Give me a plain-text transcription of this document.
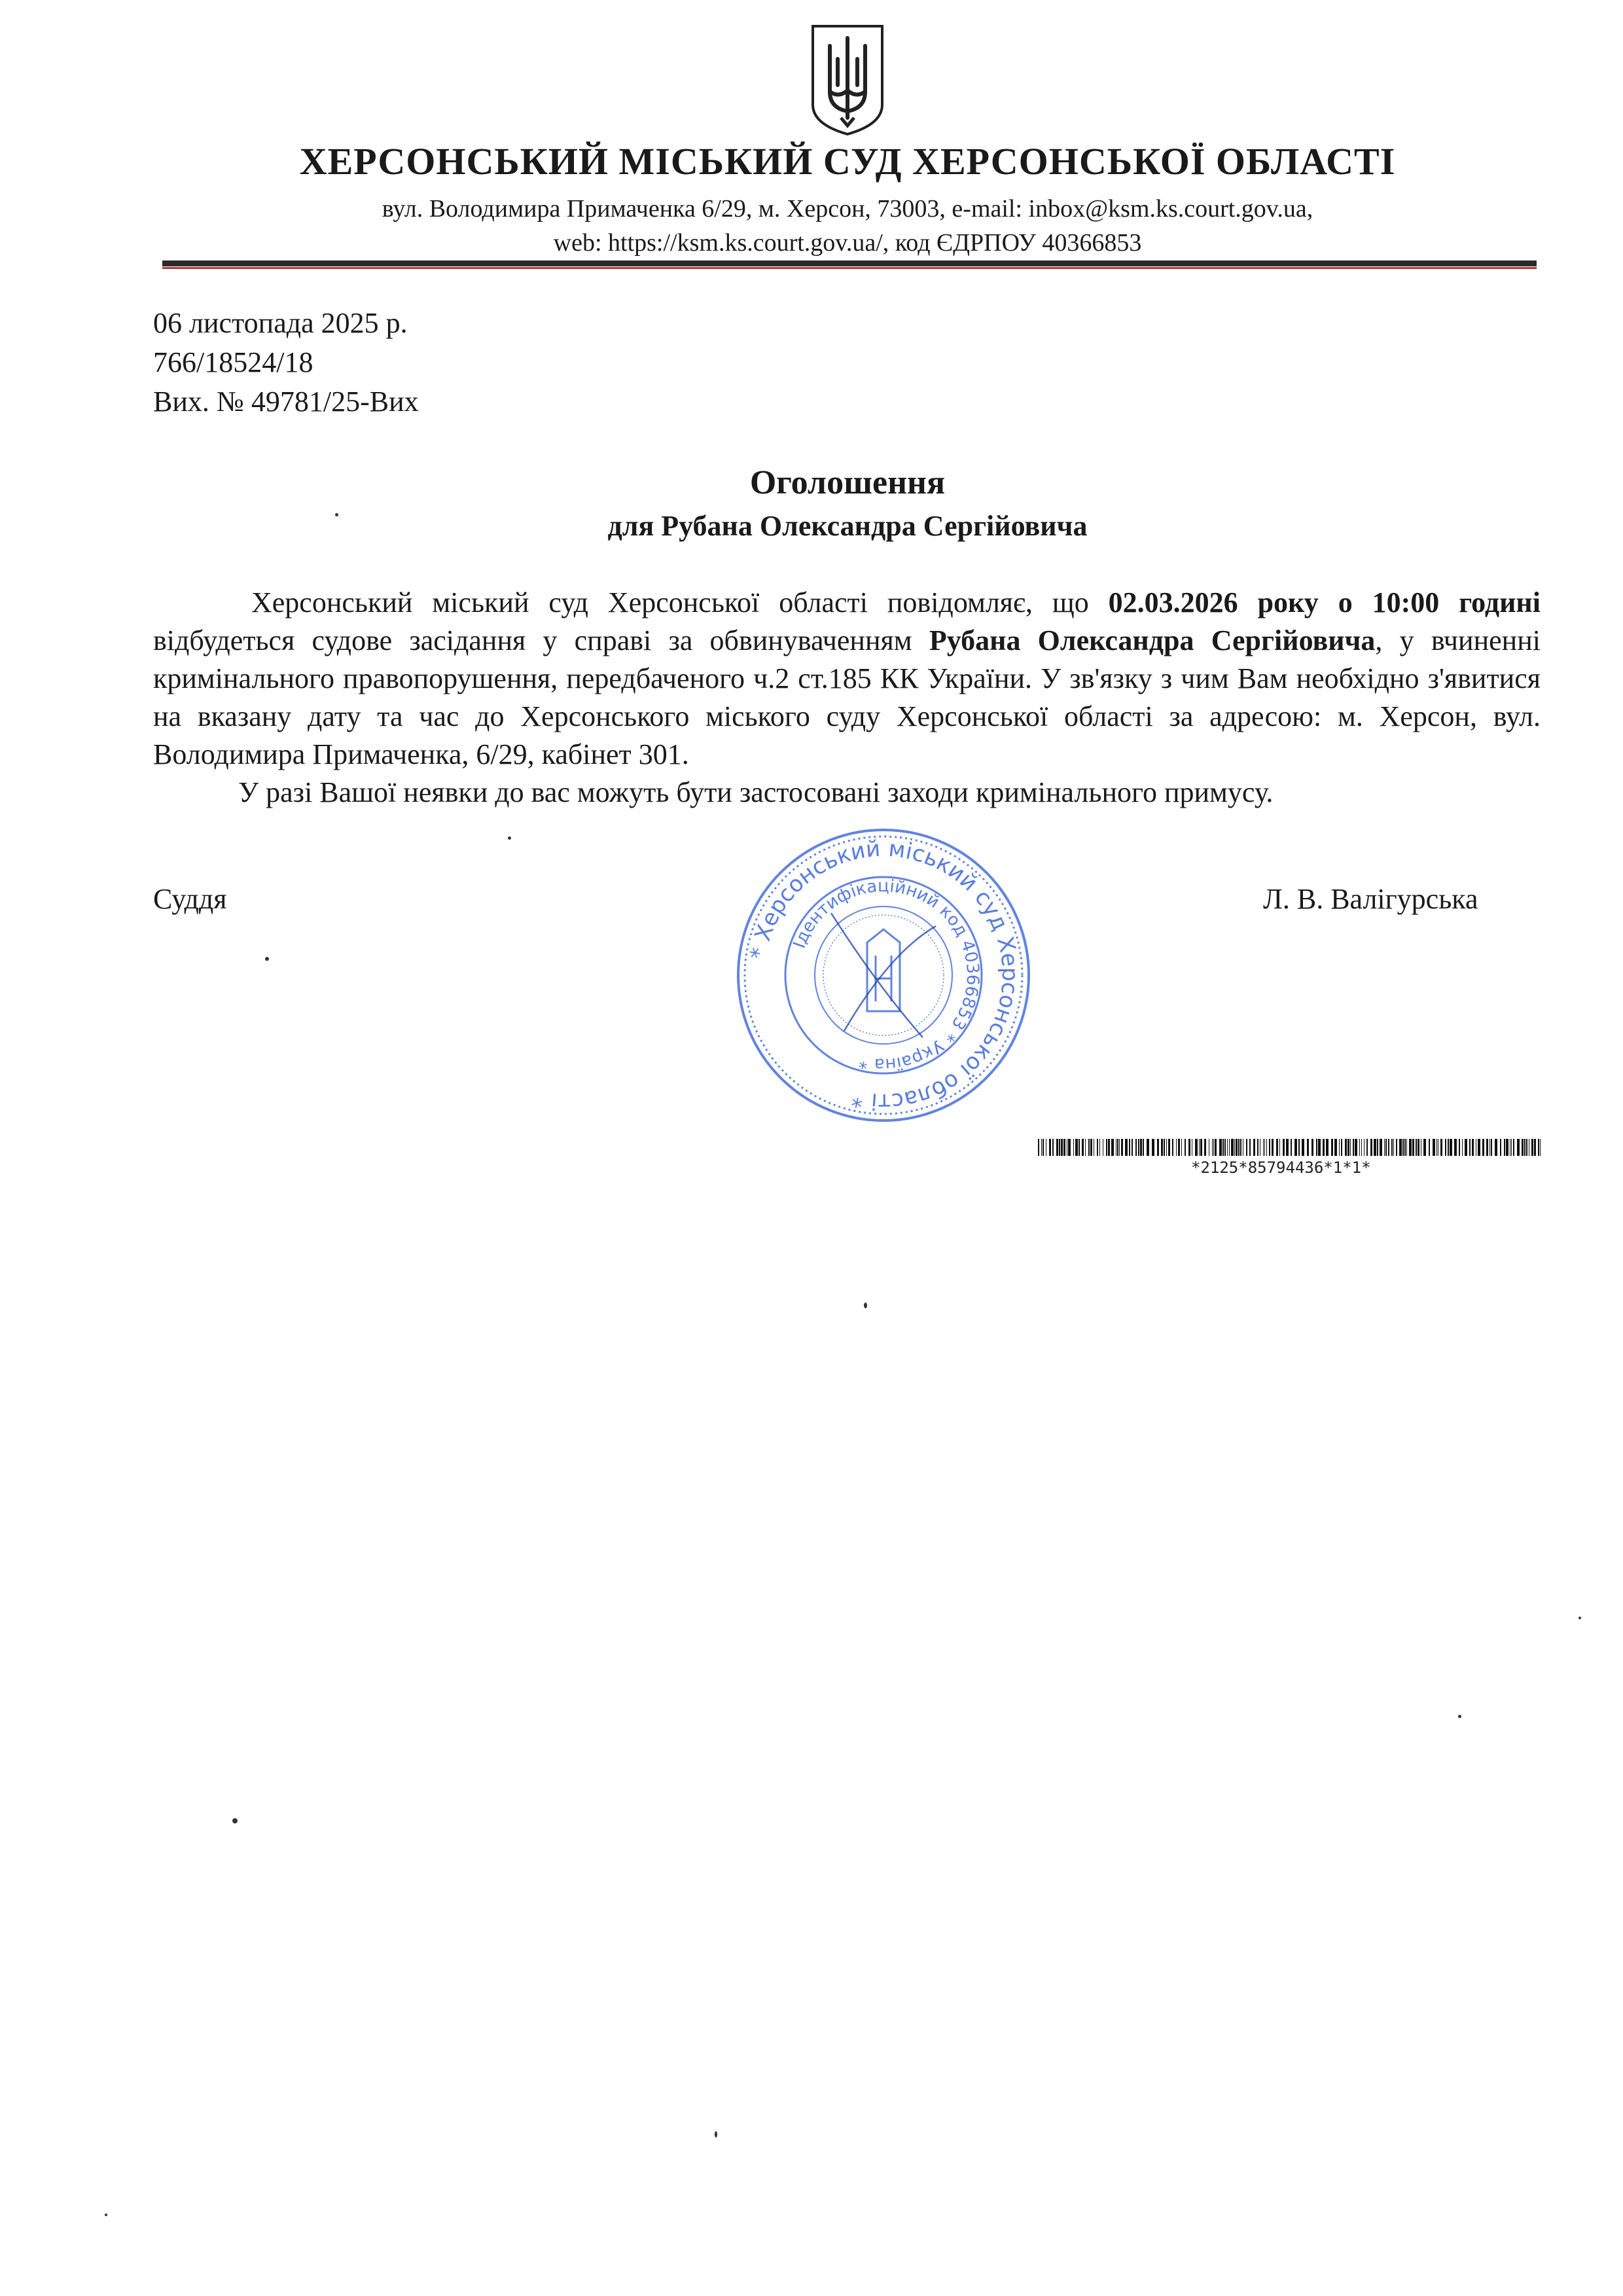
ХЕРСОНСЬКИЙ МІСЬКИЙ СУД ХЕРСОНСЬКОЇ ОБЛАСТІ
вул. Володимира Примаченка 6/29, м. Херсон, 73003, e-mail: inbox@ksm.ks.court.gov.ua,
web: https://ksm.ks.court.gov.ua/, код ЄДРПОУ 40366853
06 листопада 2025 р.
766/18524/18
Вих. № 49781/25-Вих
Оголошення
для Рубана Олександра Сергійовича

Херсонський міський суд Херсонської області повідомляє, що 02.03.2026 року о 10:00 годині відбудеться судове засідання у справі за обвинуваченням Рубана Олександра Сергійовича, у вчиненні кримінального правопорушення, передбаченого ч.2 ст.185 КК України. У зв'язку з чим Вам необхідно з'явитися на вказану дату та час до Херсонського міського суду Херсонської області за адресою: м. Херсон, вул. Володимира Примаченка, 6/29, кабінет 301.

У разі Вашої неявки до вас можуть бути застосовані заходи кримінального примусу.

Суддя	Л. В. Валігурська
* Херсонський міський суд Херсонської області *
Ідентифікаційний код 40366853 * Україна *
*2125*85794436*1*1*
